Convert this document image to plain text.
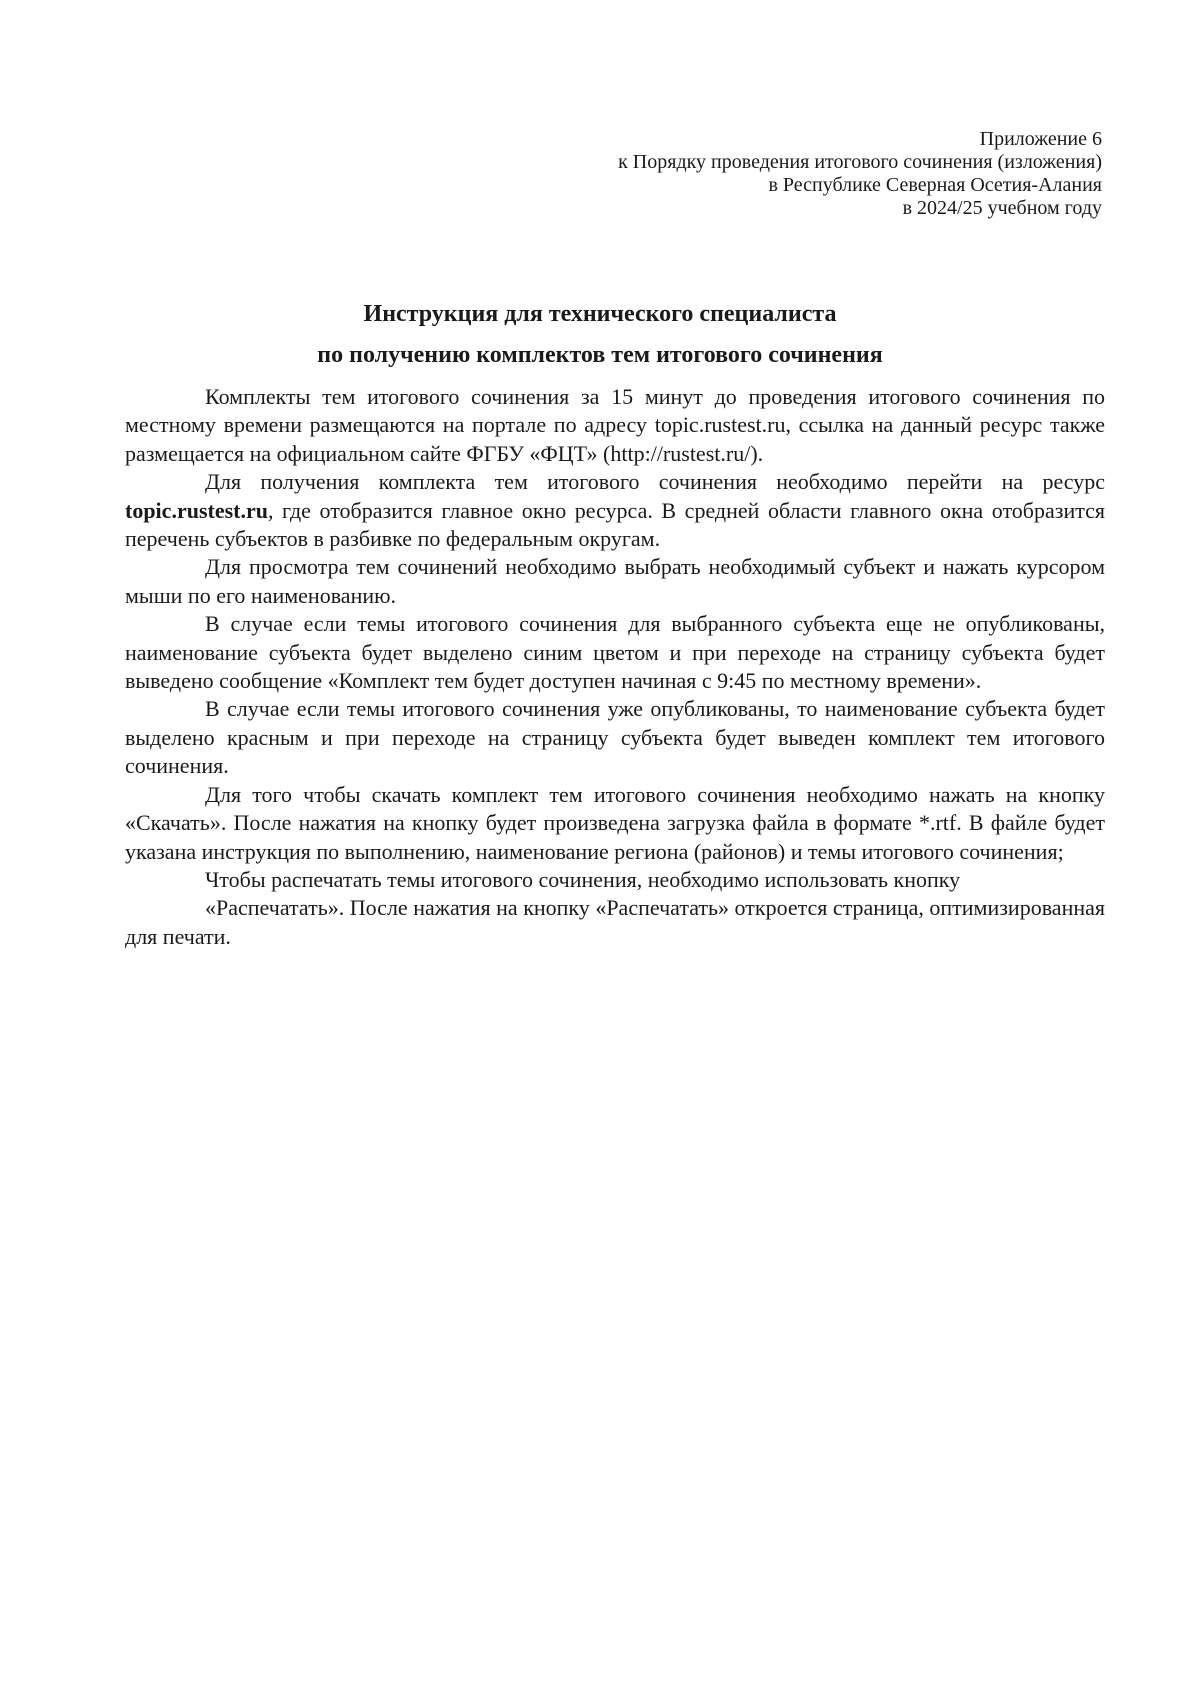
Приложение 6
к Порядку проведения итогового сочинения (изложения)
в Республике Северная Осетия-Алания
в 2024/25 учебном году
Инструкция для технического специалиста
по получению комплектов тем итогового сочинения

Комплекты тем итогового сочинения за 15 минут до проведения итогового сочинения по местному времени размещаются на портале по адресу topic.rustest.ru, ссылка на данный ресурс также размещается на официальном сайте ФГБУ «ФЦТ» (http://rustest.ru/).

Для получения комплекта тем итогового сочинения необходимо перейти на ресурс topic.rustest.ru, где отобразится главное окно ресурса. В средней области главного окна отобразится перечень субъектов в разбивке по федеральным округам.

Для просмотра тем сочинений необходимо выбрать необходимый субъект и нажать курсором мыши по его наименованию.

В случае если темы итогового сочинения для выбранного субъекта еще не опубликованы, наименование субъекта будет выделено синим цветом и при переходе на страницу субъекта будет выведено сообщение «Комплект тем будет доступен начиная с 9:45 по местному времени».

В случае если темы итогового сочинения уже опубликованы, то наименование субъекта будет выделено красным и при переходе на страницу субъекта будет выведен комплект тем итогового сочинения.

Для того чтобы скачать комплект тем итогового сочинения необходимо нажать на кнопку «Скачать». После нажатия на кнопку будет произведена загрузка файла в формате *.rtf. В файле будет указана инструкция по выполнению, наименование региона (районов) и темы итогового сочинения;

Чтобы распечатать темы итогового сочинения, необходимо использовать кнопку

«Распечатать». После нажатия на кнопку «Распечатать» откроется страница, оптимизированная для печати.
